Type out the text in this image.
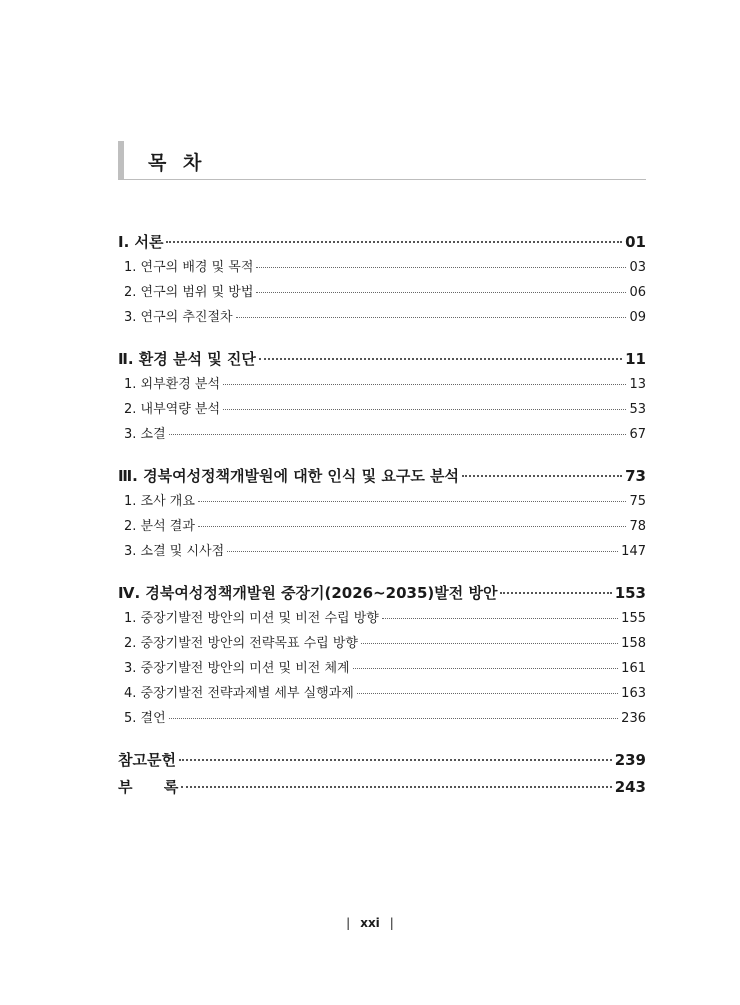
목 차
Ⅰ. 서론	01
1. 연구의 배경 및 목적	03
2. 연구의 범위 및 방법	06
3. 연구의 추진절차	09
Ⅱ. 환경 분석 및 진단	11
1. 외부환경 분석	13
2. 내부역량 분석	53
3. 소결	67
Ⅲ. 경북여성정책개발원에 대한 인식 및 요구도 분석	73
1. 조사 개요	75
2. 분석 결과	78
3. 소결 및 시사점	147
Ⅳ. 경북여성정책개발원 중장기(2026~2035)발전 방안	153
1. 중장기발전 방안의 미션 및 비전 수립 방향	155
2. 중장기발전 방안의 전략목표 수립 방향	158
3. 중장기발전 방안의 미션 및 비전 체계	161
4. 중장기발전 전략과제별 세부 실행과제	163
5. 결언	236
참고문헌	239
부      록	243
| xxi |
